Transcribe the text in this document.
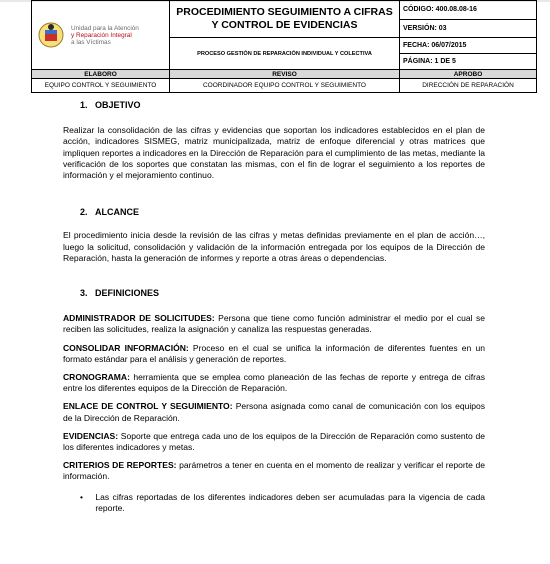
Unidad para la Atención
y Reparación Integral
a las Víctimas	PROCEDIMIENTO SEGUIMIENTO A CIFRAS Y CONTROL DE EVIDENCIAS	CÓDIGO: 400.08.08-16
		VERSIÓN: 03

	PROCESO GESTIÓN DE REPARACIÓN INDIVIDUAL Y COLECTIVA	FECHA: 06/07/2015
		PÁGINA: 1 DE 5
ELABORO	REVISO	APROBO
EQUIPO CONTROL Y SEGUIMIENTO	COORDINADOR EQUIPO CONTROL Y SEGUIMIENTO	DIRECCIÓN DE REPARACIÓN
1. OBJETIVO

Realizar la consolidación de las cifras y evidencias que soportan los indicadores establecidos en el plan de acción, indicadores SISMEG, matriz municipalizada, matriz de enfoque diferencial y otras matrices que impliquen reportes a indicadores en la Dirección de Reparación para el cumplimiento de las metas, mediante la verificación de los soportes que constatan las mismas, con el fin de lograr el seguimiento a los reportes de información y el mejoramiento continuo.

2. ALCANCE

El procedimiento inicia desde la revisión de las cifras y metas definidas previamente en el plan de acción…, luego la solicitud, consolidación y validación de la información entregada por los equipos de la Dirección de Reparación, hasta la generación de informes y reporte a otras áreas o dependencias.

3. DEFINICIONES

ADMINISTRADOR DE SOLICITUDES: Persona que tiene como función administrar el medio por el cual se reciben las solicitudes, realiza la asignación y canaliza las respuestas generadas.

CONSOLIDAR INFORMACIÓN: Proceso en el cual se unifica la información de diferentes fuentes en un formato estándar para el análisis y generación de reportes.

CRONOGRAMA: herramienta que se emplea como planeación de las fechas de reporte y entrega de cifras entre los diferentes equipos de la Dirección de Reparación.

ENLACE DE CONTROL Y SEGUIMIENTO: Persona asignada como canal de comunicación con los equipos de la Dirección de Reparación.

EVIDENCIAS: Soporte que entrega cada uno de los equipos de la Dirección de Reparación como sustento de los diferentes indicadores y metas.

CRITERIOS DE REPORTES: parámetros a tener en cuenta en el momento de realizar y verificar el reporte de información.

•	Las cifras reportadas de los diferentes indicadores deben ser acumuladas para la vigencia de cada reporte.
